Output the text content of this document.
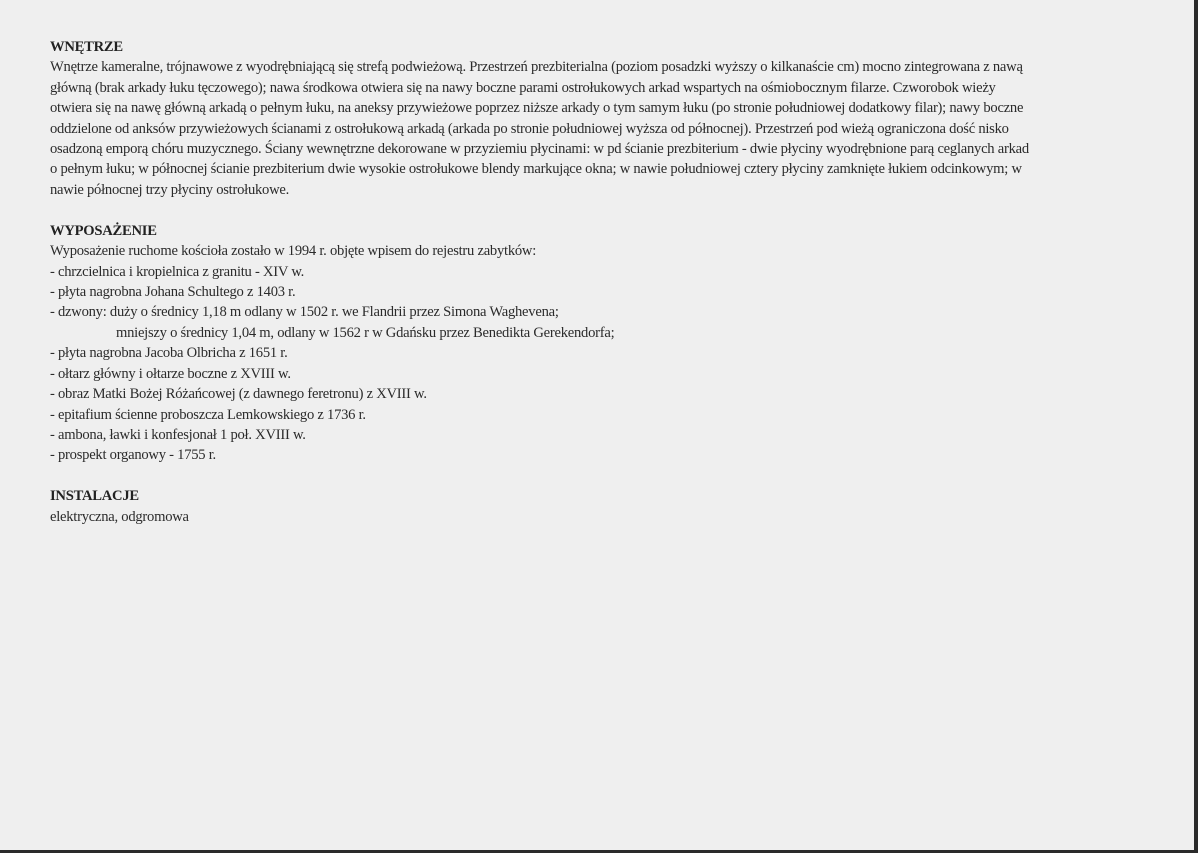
WNĘTRZE
Wnętrze kameralne, trójnawowe z wyodrębniającą się strefą podwieżową. Przestrzeń prezbiterialna (poziom posadzki wyższy o kilkanaście cm) mocno zintegrowana z nawą
główną (brak arkady łuku tęczowego); nawa środkowa otwiera się na nawy boczne parami ostrołukowych arkad wspartych na ośmiobocznym filarze. Czworobok wieży
otwiera się na nawę główną arkadą o pełnym łuku, na aneksy przywieżowe poprzez niższe arkady o tym samym łuku (po stronie południowej dodatkowy filar); nawy boczne
oddzielone od anksów przywieżowych ścianami z ostrołukową arkadą (arkada po stronie południowej wyższa od północnej). Przestrzeń pod wieżą ograniczona dość nisko
osadzoną emporą chóru muzycznego. Ściany wewnętrzne dekorowane w przyziemiu płycinami: w pd ścianie prezbiterium - dwie płyciny wyodrębnione parą ceglanych arkad
o pełnym łuku; w północnej ścianie prezbiterium dwie wysokie ostrołukowe blendy markujące okna; w nawie południowej cztery płyciny zamknięte łukiem odcinkowym; w
nawie północnej trzy płyciny ostrołukowe.
WYPOSAŻENIE
Wyposażenie ruchome kościoła zostało w 1994 r. objęte wpisem do rejestru zabytków:
- chrzcielnica i kropielnica z granitu - XIV w.
- płyta nagrobna Johana Schultego z 1403 r.
- dzwony: duży o średnicy 1,18 m odlany w 1502 r. we Flandrii przez Simona Waghevena;
mniejszy o średnicy 1,04 m, odlany w 1562 r w Gdańsku przez Benedikta Gerekendorfa;
- płyta nagrobna Jacoba Olbricha z 1651 r.
- ołtarz główny i ołtarze boczne z XVIII w.
- obraz Matki Bożej Różańcowej (z dawnego feretronu) z XVIII w.
- epitafium ścienne proboszcza Lemkowskiego z 1736 r.
- ambona, ławki i konfesjonał 1 poł. XVIII w.
- prospekt organowy - 1755 r.
INSTALACJE
elektryczna, odgromowa
